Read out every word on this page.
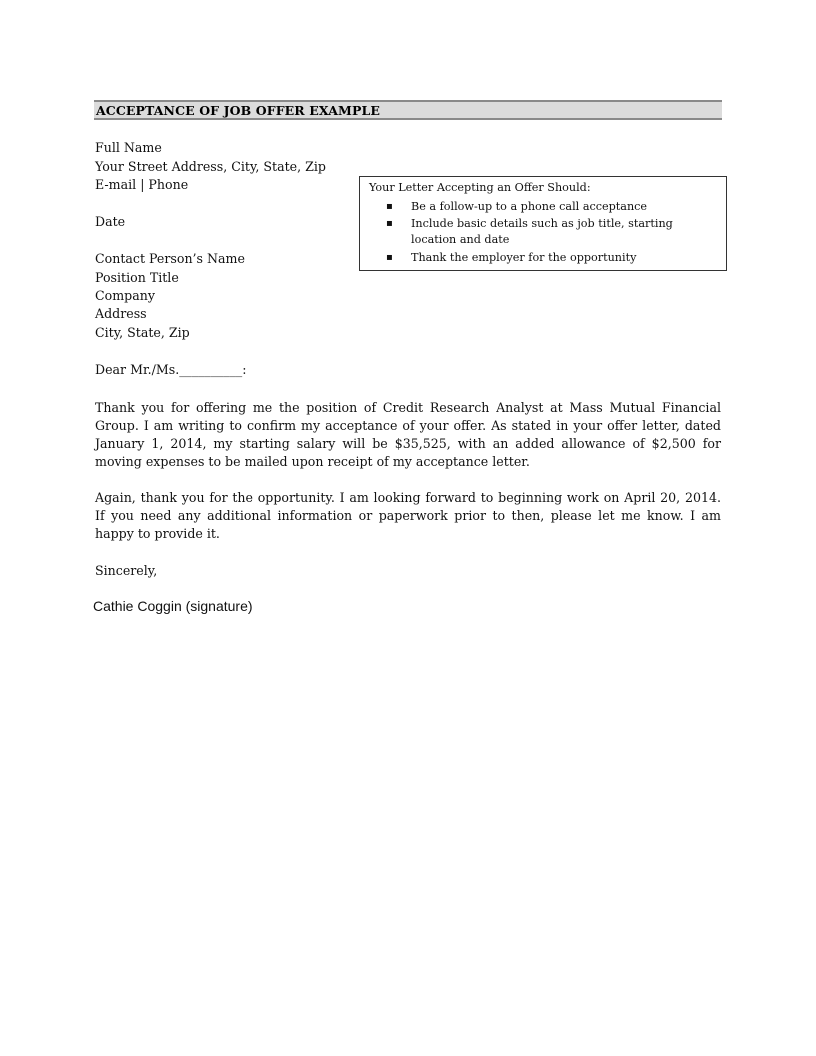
ACCEPTANCE OF JOB OFFER EXAMPLE
Full Name
Your Street Address, City, State, Zip
E-mail | Phone
Date
Contact Person’s Name
Position Title
Company
Address
City, State, Zip
Dear Mr./Ms.__________:
Your Letter Accepting an Offer Should:
▪ Be a follow-up to a phone call acceptance
▪ Include basic details such as job title, starting location and date
▪ Thank the employer for the opportunity
Thank you for offering me the position of Credit Research Analyst at Mass Mutual Financial Group. I am writing to confirm my acceptance of your offer. As stated in your offer letter, dated January 1, 2014, my starting salary will be $35,525, with an added allowance of $2,500 for moving expenses to be mailed upon receipt of my acceptance letter.
Again, thank you for the opportunity. I am looking forward to beginning work on April 20, 2014. If you need any additional information or paperwork prior to then, please let me know. I am happy to provide it.
Sincerely,
Cathie Coggin (signature)
